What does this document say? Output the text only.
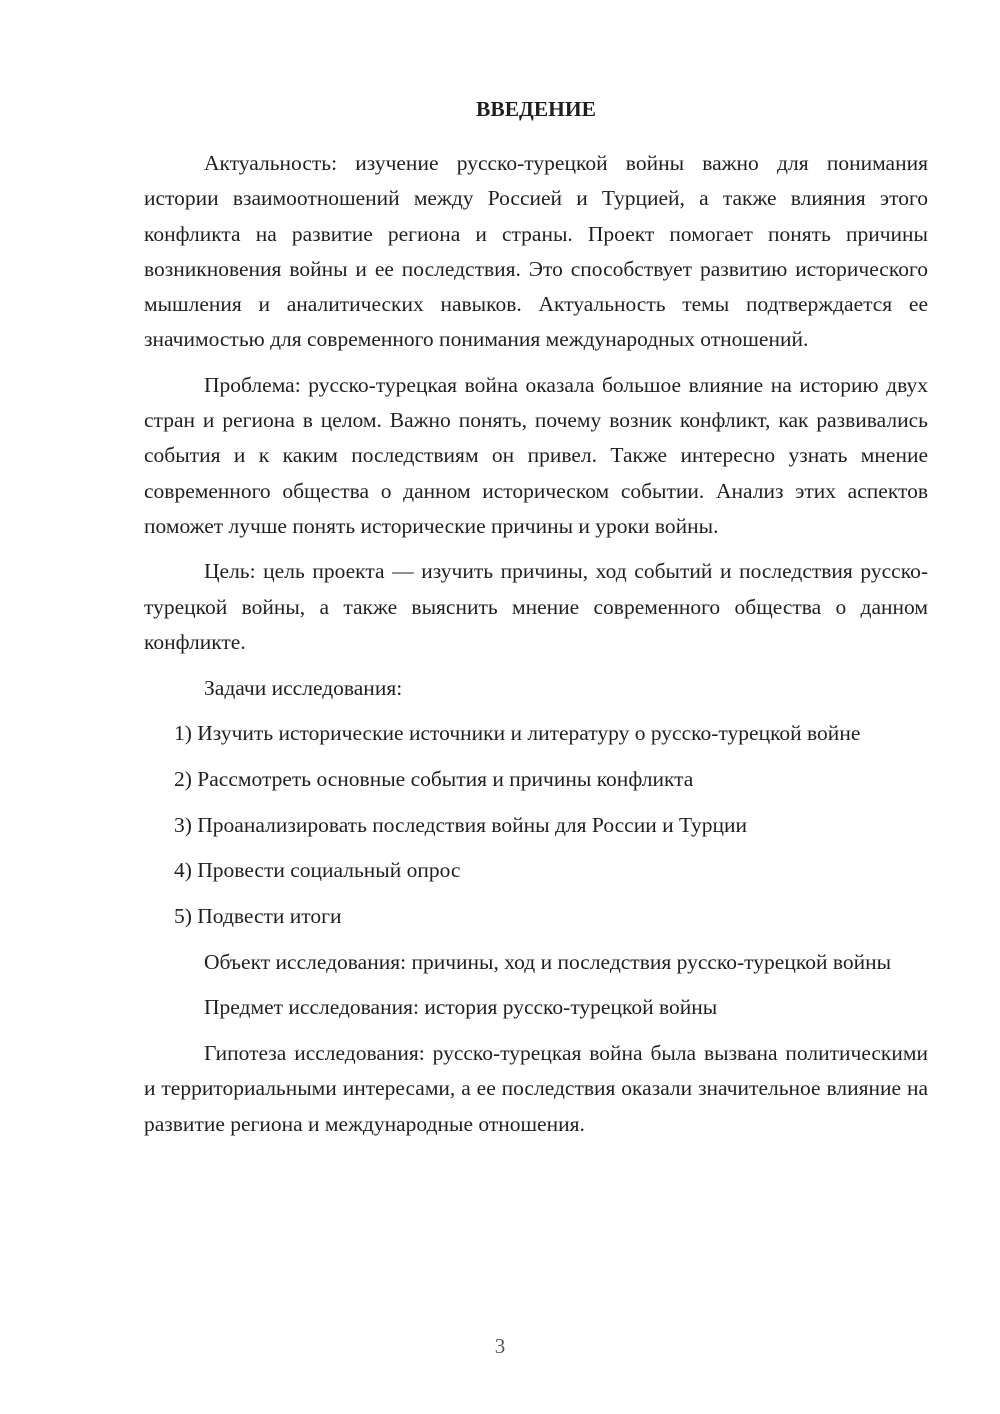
ВВЕДЕНИЕ

Актуальность: изучение русско-турецкой войны важно для понимания истории взаимоотношений между Россией и Турцией, а также влияния этого конфликта на развитие региона и страны. Проект помогает понять причины возникновения войны и ее последствия. Это способствует развитию исторического мышления и аналитических навыков. Актуальность темы подтверждается ее значимостью для современного понимания международных отношений.

Проблема: русско-турецкая война оказала большое влияние на историю двух стран и региона в целом. Важно понять, почему возник конфликт, как развивались события и к каким последствиям он привел. Также интересно узнать мнение современного общества о данном историческом событии. Анализ этих аспектов поможет лучше понять исторические причины и уроки войны.

Цель: цель проекта — изучить причины, ход событий и последствия русско-турецкой войны, а также выяснить мнение современного общества о данном конфликте.

Задачи исследования:

1) Изучить исторические источники и литературу о русско-турецкой войне

2) Рассмотреть основные события и причины конфликта

3) Проанализировать последствия войны для России и Турции

4) Провести социальный опрос

5) Подвести итоги

Объект исследования: причины, ход и последствия русско-турецкой войны

Предмет исследования: история русско-турецкой войны

Гипотеза исследования: русско-турецкая война была вызвана политическими и территориальными интересами, а ее последствия оказали значительное влияние на развитие региона и международные отношения.

3
